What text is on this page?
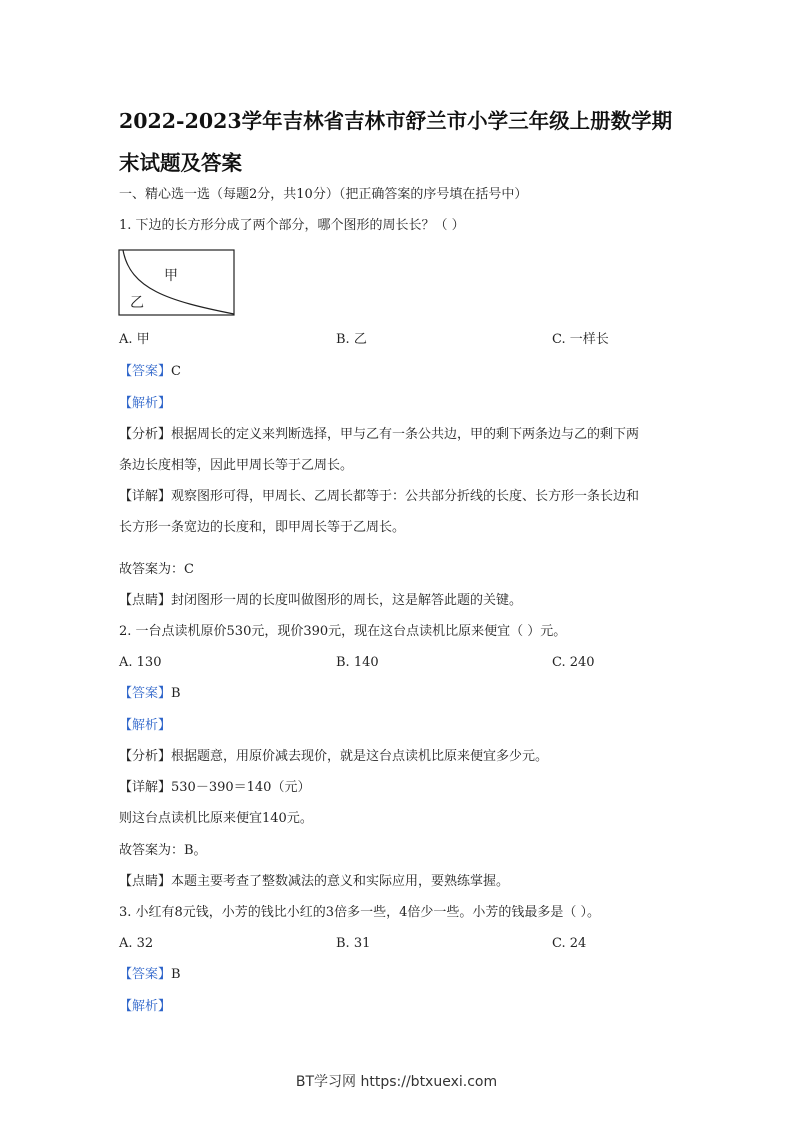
2022-2023学年吉林省吉林市舒兰市小学三年级上册数学期
末试题及答案
一、精心选一选（每题2分，共10分）（把正确答案的序号填在括号中）
1. 下边的长方形分成了两个部分，哪个图形的周长长？（ ）
甲
乙
A. 甲	B. 乙	C. 一样长
【答案】C
【解析】
【分析】根据周长的定义来判断选择，甲与乙有一条公共边，甲的剩下两条边与乙的剩下两
条边长度相等，因此甲周长等于乙周长。
【详解】观察图形可得，甲周长、乙周长都等于：公共部分折线的长度、长方形一条长边和
长方形一条宽边的长度和，即甲周长等于乙周长。
故答案为：C
【点睛】封闭图形一周的长度叫做图形的周长，这是解答此题的关键。
2. 一台点读机原价530元，现价390元，现在这台点读机比原来便宜（ ）元。
A. 130	B. 140	C. 240
【答案】B
【解析】
【分析】根据题意，用原价减去现价，就是这台点读机比原来便宜多少元。
【详解】530－390＝140（元）
则这台点读机比原来便宜140元。
故答案为：B。
【点睛】本题主要考查了整数减法的意义和实际应用，要熟练掌握。
3. 小红有8元钱，小芳的钱比小红的3倍多一些，4倍少一些。小芳的钱最多是（ ）。
A. 32	B. 31	C. 24
【答案】B
【解析】
BT学习网 https://btxuexi.com
